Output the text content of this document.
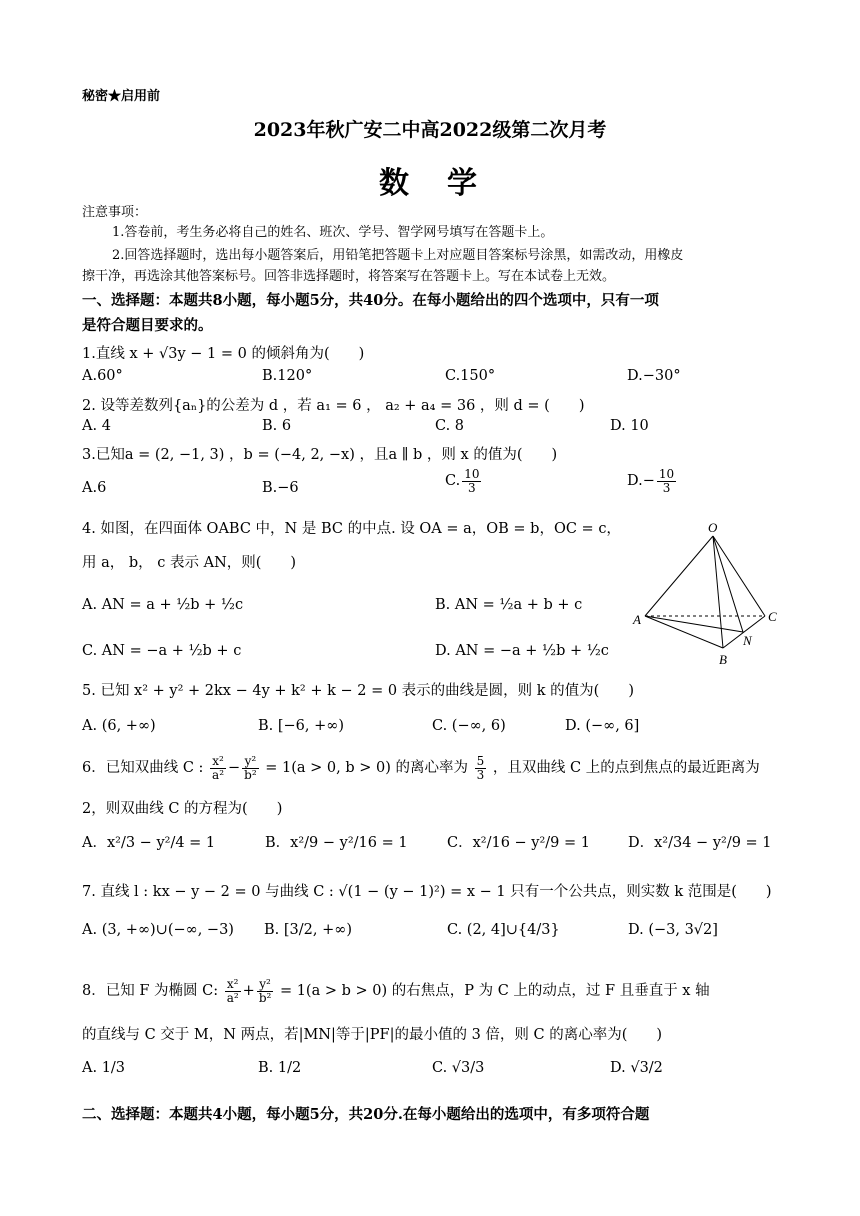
秘密★启用前
2023年秋广安二中高2022级第二次月考
数　学
注意事项：
1.答卷前，考生务必将自己的姓名、班次、学号、智学网号填写在答题卡上。
2.回答选择题时，选出每小题答案后，用铅笔把答题卡上对应题目答案标号涂黑，如需改动，用橡皮
擦干净，再选涂其他答案标号。回答非选择题时，将答案写在答题卡上。写在本试卷上无效。
一、选择题：本题共8小题，每小题5分，共40分。在每小题给出的四个选项中，只有一项
是符合题目要求的。
1.直线 x + √3y − 1 = 0 的倾斜角为(　　)
A.60°	B.120°	C.150°	D.−30°
2. 设等差数列{aₙ}的公差为 d ，若 a₁ = 6 ， a₂ + a₄ = 36 ，则 d = (　　)
A. 4	B. 6	C. 8	D. 10
3.已知a = (2, −1, 3) ，b = (−4, 2, −x) ，且a ∥ b ，则 x 的值为(　　)
A.6	B.−6	C. $\frac{10}{3}$	$D.- \frac{10}{3}$
4. 如图，在四面体 OABC 中，N 是 BC 的中点. 设 OA = a，OB = b，OC = c，
用 a， b， c 表示 AN，则(　　)
A. AN = a + ½b + ½c	B. AN = ½a + b + c
C. AN = −a + ½b + c	D. AN = −a + ½b + ½c
O
A
B
C
N
5. 已知 x² + y² + 2kx − 4y + k² + k − 2 = 0 表示的曲线是圆，则 k 的值为(　　)
A. (6, +∞)	B. [−6, +∞)	C. (−∞, 6)	D. (−∞, 6]
6．已知双曲线 C : $\frac{\text{x²}}{\text{a²}} - \frac{\text{y²}}{\text{b²}} = 1(a > 0$, b > 0) 的离心率为 $\frac{5}{3}$ ，且双曲线 C 上的点到焦点的最近距离为
2，则双曲线 C 的方程为(　　)
A．x²/3 − y²/4 = 1	B．x²/9 − y²/16 = 1	C．x²/16 − y²/9 = 1	D．x²/34 − y²/9 = 1
7. 直线 l : kx − y − 2 = 0 与曲线 C : √(1 − (y − 1)²) = x − 1 只有一个公共点，则实数 k 范围是(　　)
A. (3, +∞)∪(−∞, −3) B. [3/2, +∞)	C. (2, 4]∪{4/3}	D. (−3, 3√2]
8．已知 F 为椭圆 C: $\frac{\text{x²}}{\text{a²}} + \frac{\text{y²}}{\text{b²}} = 1(a > b > 0)$ 的右焦点，P 为 C 上的动点，过 F 且垂直于 x 轴
的直线与 C 交于 M，N 两点，若|MN|等于|PF|的最小值的 3 倍，则 C 的离心率为(　　)
A. 1/3	B. 1/2	C. √3/3	D. √3/2
二、选择题：本题共4小题，每小题5分，共20分.在每小题给出的选项中，有多项符合题
